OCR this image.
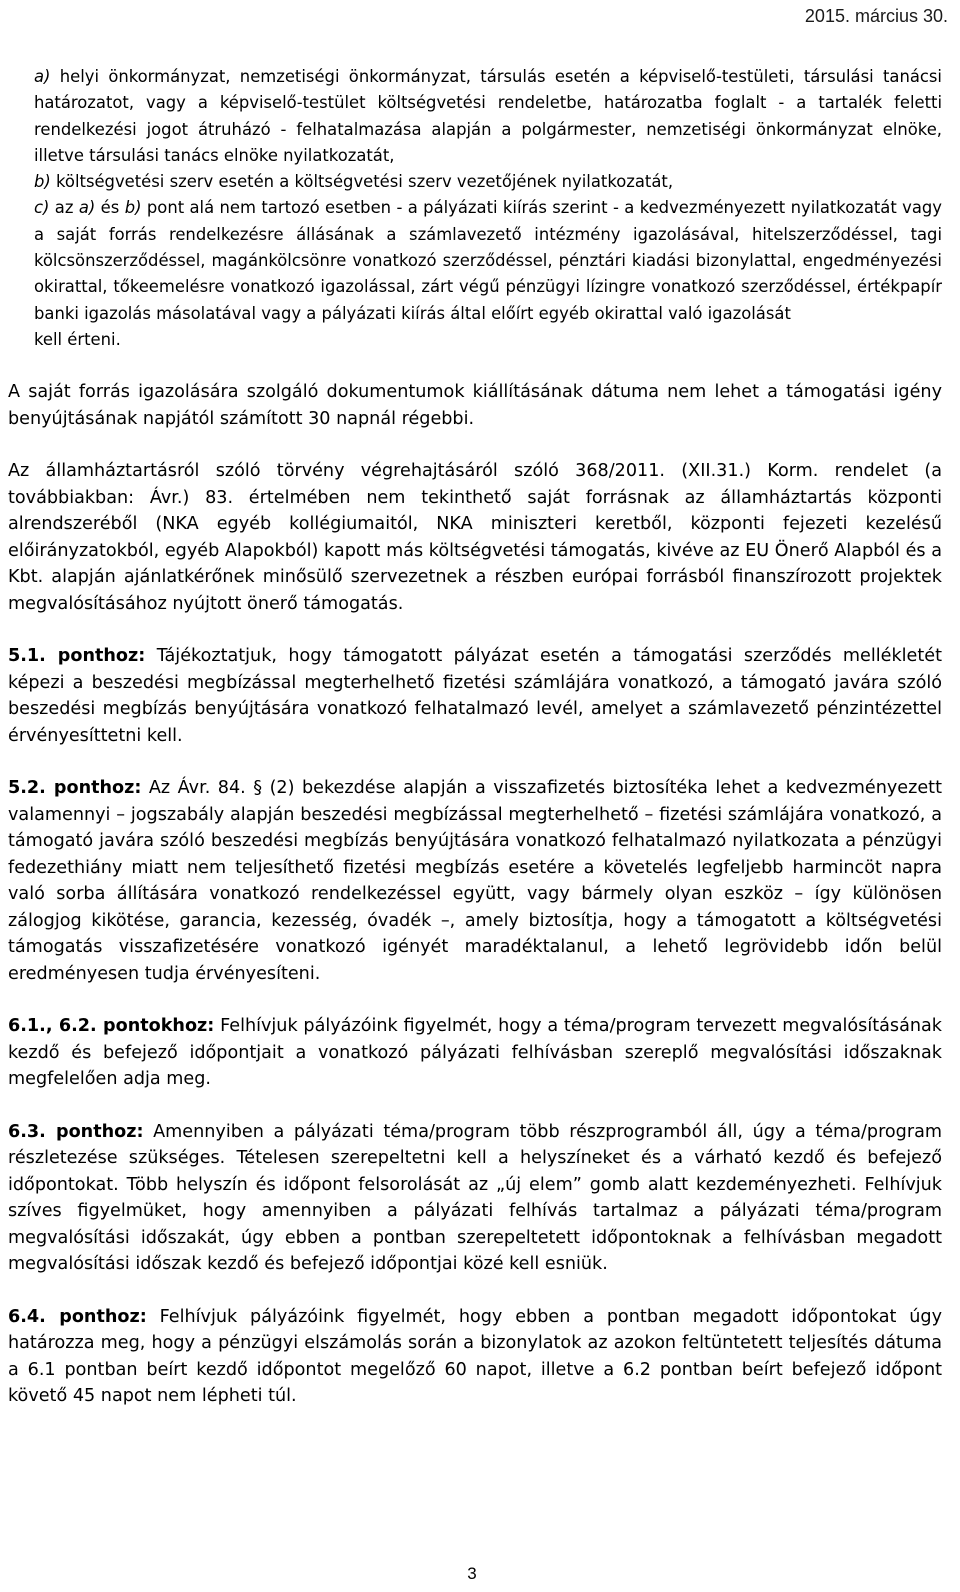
2015. március 30.

a) helyi önkormányzat, nemzetiségi önkormányzat, társulás esetén a képviselő-testületi, társulási tanácsi határozatot, vagy a képviselő-testület költségvetési rendeletbe, határozatba foglalt - a tartalék feletti rendelkezési jogot átruházó - felhatalmazása alapján a polgármester, nemzetiségi önkormányzat elnöke, illetve társulási tanács elnöke nyilatkozatát,

b) költségvetési szerv esetén a költségvetési szerv vezetőjének nyilatkozatát,

c) az a) és b) pont alá nem tartozó esetben - a pályázati kiírás szerint - a kedvezményezett nyilatkozatát vagy a saját forrás rendelkezésre állásának a számlavezető intézmény igazolásával, hitelszerződéssel, tagi kölcsönszerződéssel, magánkölcsönre vonatkozó szerződéssel, pénztári kiadási bizonylattal, engedményezési okirattal, tőkeemelésre vonatkozó igazolással, zárt végű pénzügyi lízingre vonatkozó szerződéssel, értékpapír banki igazolás másolatával vagy a pályázati kiírás által előírt egyéb okirattal való igazolását

kell érteni.

A saját forrás igazolására szolgáló dokumentumok kiállításának dátuma nem lehet a támogatási igény benyújtásának napjától számított 30 napnál régebbi.

Az államháztartásról szóló törvény végrehajtásáról szóló 368/2011. (XII.31.) Korm. rendelet (a továbbiakban: Ávr.) 83. értelmében nem tekinthető saját forrásnak az államháztartás központi alrendszeréből (NKA egyéb kollégiumaitól, NKA miniszteri keretből, központi fejezeti kezelésű előirányzatokból, egyéb Alapokból) kapott más költségvetési támogatás, kivéve az EU Önerő Alapból és a Kbt. alapján ajánlatkérőnek minősülő szervezetnek a részben európai forrásból finanszírozott projektek megvalósításához nyújtott önerő támogatás.

5.1. ponthoz: Tájékoztatjuk, hogy támogatott pályázat esetén a támogatási szerződés mellékletét képezi a beszedési megbízással megterhelhető fizetési számlájára vonatkozó, a támogató javára szóló beszedési megbízás benyújtására vonatkozó felhatalmazó levél, amelyet a számlavezető pénzintézettel érvényesíttetni kell.

5.2. ponthoz: Az Ávr. 84. § (2) bekezdése alapján a visszafizetés biztosítéka lehet a kedvezményezett valamennyi – jogszabály alapján beszedési megbízással megterhelhető – fizetési számlájára vonatkozó, a támogató javára szóló beszedési megbízás benyújtására vonatkozó felhatalmazó nyilatkozata a pénzügyi fedezethiány miatt nem teljesíthető fizetési megbízás esetére a követelés legfeljebb harmincöt napra való sorba állítására vonatkozó rendelkezéssel együtt, vagy bármely olyan eszköz – így különösen zálogjog kikötése, garancia, kezesség, óvadék –, amely biztosítja, hogy a támogatott a költségvetési támogatás visszafizetésére vonatkozó igényét maradéktalanul, a lehető legrövidebb időn belül eredményesen tudja érvényesíteni.

6.1., 6.2. pontokhoz: Felhívjuk pályázóink figyelmét, hogy a téma/program tervezett megvalósításának kezdő és befejező időpontjait a vonatkozó pályázati felhívásban szereplő megvalósítási időszaknak megfelelően adja meg.

6.3. ponthoz: Amennyiben a pályázati téma/program több részprogramból áll, úgy a téma/program részletezése szükséges. Tételesen szerepeltetni kell a helyszíneket és a várható kezdő és befejező időpontokat. Több helyszín és időpont felsorolását az „új elem” gomb alatt kezdeményezheti. Felhívjuk szíves figyelmüket, hogy amennyiben a pályázati felhívás tartalmaz a pályázati téma/program megvalósítási időszakát, úgy ebben a pontban szerepeltetett időpontoknak a felhívásban megadott megvalósítási időszak kezdő és befejező időpontjai közé kell esniük.

6.4. ponthoz: Felhívjuk pályázóink figyelmét, hogy ebben a pontban megadott időpontokat úgy határozza meg, hogy a pénzügyi elszámolás során a bizonylatok az azokon feltüntetett teljesítés dátuma a 6.1 pontban beírt kezdő időpontot megelőző 60 napot, illetve a 6.2 pontban beírt befejező időpont követő 45 napot nem lépheti túl.

3
